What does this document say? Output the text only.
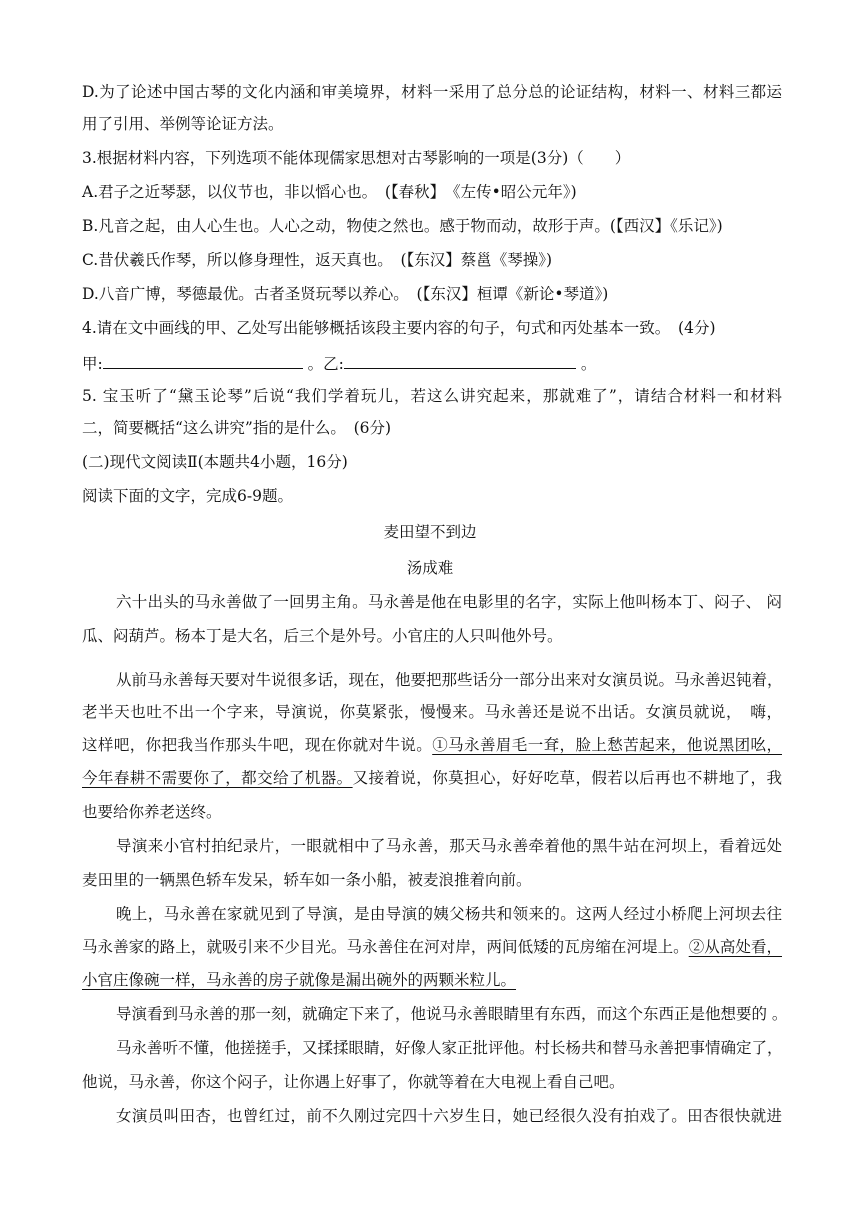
D.为了论述中国古琴的文化内涵和审美境界，材料一采用了总分总的论证结构，材料一、材料三都运
用了引用、举例等论证方法。
3.根据材料内容，下列选项不能体现儒家思想对古琴影响的一项是(3分)（　　）
A.君子之近琴瑟，以仪节也，非以慆心也。　(【春秋】　《左传•昭公元年》)
B.凡音之起，由人心生也。人心之动，物使之然也。感于物而动，故形于声。(【西汉】《乐记》)
C.昔伏羲氏作琴，所以修身理性，返天真也。　(【东汉】蔡邕《琴操》)
D.八音广博，琴德最优。古者圣贤玩琴以养心。　(【东汉】桓谭《新论•琴道》)
4.请在文中画线的甲、乙处写出能够概括该段主要内容的句子，句式和丙处基本一致。　(4分)
甲:	。乙:	。
5. 宝玉听了“黛玉论琴”后说“我们学着玩儿，若这么讲究起来，那就难了”，请结合材料一和材料
二，简要概括“这么讲究”指的是什么。　(6分)
(二)现代文阅读Ⅱ(本题共4小题，16分)
阅读下面的文字，完成6-9题。
麦田望不到边
汤成难
六十出头的马永善做了一回男主角。马永善是他在电影里的名字，实际上他叫杨本丁、闷子、 闷
瓜、闷葫芦。杨本丁是大名，后三个是外号。小官庄的人只叫他外号。
从前马永善每天要对牛说很多话，现在，他要把那些话分一部分出来对女演员说。马永善迟钝着，
老半天也吐不出一个字来，导演说，你莫紧张，慢慢来。马永善还是说不出话。女演员就说，　嗨，
这样吧，你把我当作那头牛吧，现在你就对牛说。①马永善眉毛一耷，脸上愁苦起来，他说黑团吆，
今年春耕不需要你了，都交给了机器。又接着说，你莫担心，好好吃草，假若以后再也不耕地了，我
也要给你养老送终。
导演来小官村拍纪录片，一眼就相中了马永善，那天马永善牵着他的黑牛站在河坝上，看着远处
麦田里的一辆黑色轿车发呆，轿车如一条小船，被麦浪推着向前。
晚上，马永善在家就见到了导演，是由导演的姨父杨共和领来的。这两人经过小桥爬上河坝去往
马永善家的路上，就吸引来不少目光。马永善住在河对岸，两间低矮的瓦房缩在河堤上。②从高处看，
小官庄像碗一样，马永善的房子就像是漏出碗外的两颗米粒儿。
导演看到马永善的那一刻，就确定下来了，他说马永善眼睛里有东西，而这个东西正是他想要的 。
马永善听不懂，他搓搓手，又揉揉眼睛，好像人家正批评他。村长杨共和替马永善把事情确定了，
他说，马永善，你这个闷子，让你遇上好事了，你就等着在大电视上看自己吧。
女演员叫田杏，也曾红过，前不久刚过完四十六岁生日，她已经很久没有拍戏了。田杏很快就进
